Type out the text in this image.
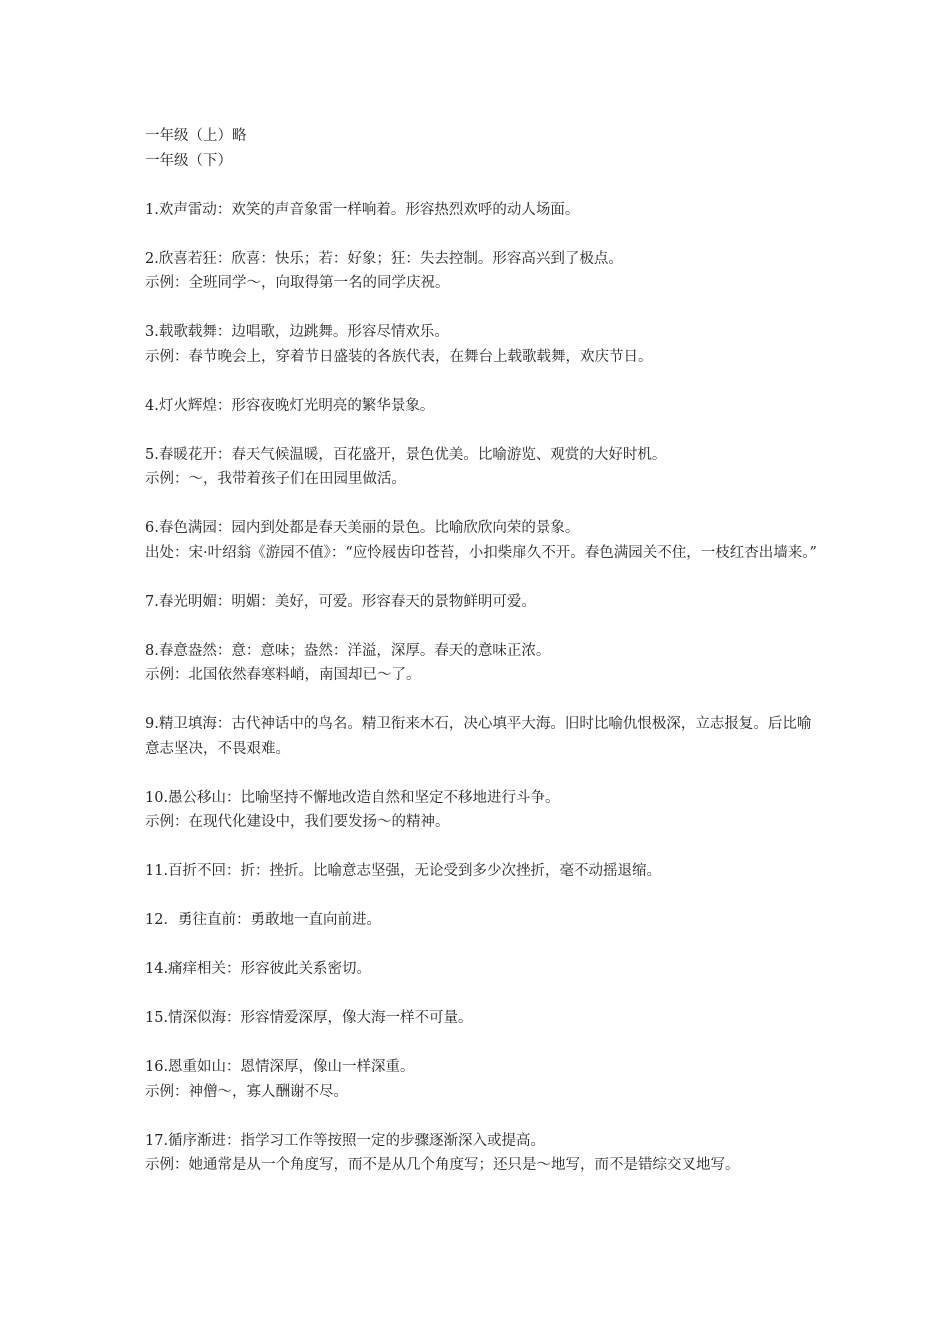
一年级（上）略

一年级（下）

1.欢声雷动：欢笑的声音象雷一样响着。形容热烈欢呼的动人场面。

2.欣喜若狂：欣喜：快乐；若：好象；狂：失去控制。形容高兴到了极点。

示例：全班同学～，向取得第一名的同学庆祝。

3.载歌载舞：边唱歌，边跳舞。形容尽情欢乐。

示例：春节晚会上，穿着节日盛装的各族代表，在舞台上载歌载舞，欢庆节日。

4.灯火辉煌：形容夜晚灯光明亮的繁华景象。

5.春暖花开：春天气候温暖，百花盛开，景色优美。比喻游览、观赏的大好时机。

示例：～，我带着孩子们在田园里做活。

6.春色满园：园内到处都是春天美丽的景色。比喻欣欣向荣的景象。

出处：宋·叶绍翁《游园不值》：“应怜屐齿印苍苔，小扣柴扉久不开。春色满园关不住，一枝红杏出墙来。”

7.春光明媚：明媚：美好，可爱。形容春天的景物鲜明可爱。

8.春意盎然：意：意味；盎然：洋溢，深厚。春天的意味正浓。

示例：北国依然春寒料峭，南国却已～了。

9.精卫填海：古代神话中的鸟名。精卫衔来木石，决心填平大海。旧时比喻仇恨极深，立志报复。后比喻意志坚决，不畏艰难。

10.愚公移山：比喻坚持不懈地改造自然和坚定不移地进行斗争。

示例：在现代化建设中，我们要发扬～的精神。

11.百折不回：折：挫折。比喻意志坚强，无论受到多少次挫折，毫不动摇退缩。

12．勇往直前：勇敢地一直向前进。

14.痛痒相关：形容彼此关系密切。

15.情深似海：形容情爱深厚，像大海一样不可量。

16.恩重如山：恩情深厚，像山一样深重。

示例：神僧～，寡人酬谢不尽。

17.循序渐进：指学习工作等按照一定的步骤逐渐深入或提高。

示例：她通常是从一个角度写，而不是从几个角度写；还只是～地写，而不是错综交叉地写。
